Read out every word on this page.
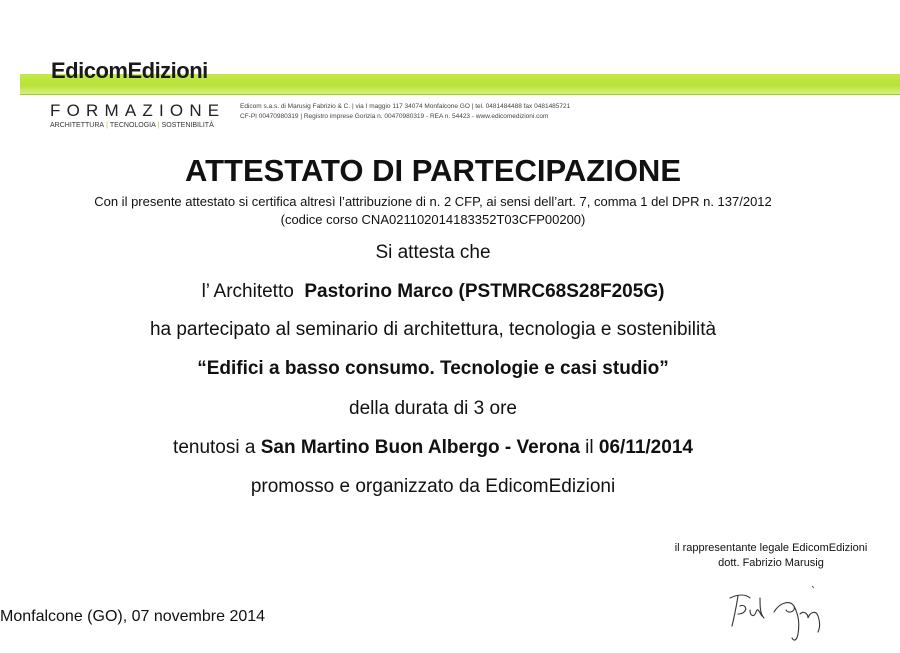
EdicomEdizioni
FORMAZIONE
ARCHITETTURA | TECNOLOGIA | SOSTENIBILITÀ
Edicom s.a.s. di Marusig Fabrizio & C. | via I maggio 117 34074 Monfalcone GO | tel. 0481484488 fax 0481485721
CF-PI 00470980319 | Registro imprese Gorizia n. 00470980319 - REA n. 54423 - www.edicomedizioni.com
ATTESTATO DI PARTECIPAZIONE
Con il presente attestato si certifica altresì l’attribuzione di n. 2 CFP, ai sensi dell’art. 7, comma 1 del DPR n. 137/2012
(codice corso CNA021102014183352T03CFP00200)
Si attesta che
l’ Architetto Pastorino Marco (PSTMRC68S28F205G)
ha partecipato al seminario di architettura, tecnologia e sostenibilità
“Edifici a basso consumo. Tecnologie e casi studio”
della durata di 3 ore
tenutosi a San Martino Buon Albergo - Verona il 06/11/2014
promosso e organizzato da EdicomEdizioni
il rappresentante legale EdicomEdizioni
dott. Fabrizio Marusig
Monfalcone (GO), 07 novembre 2014
